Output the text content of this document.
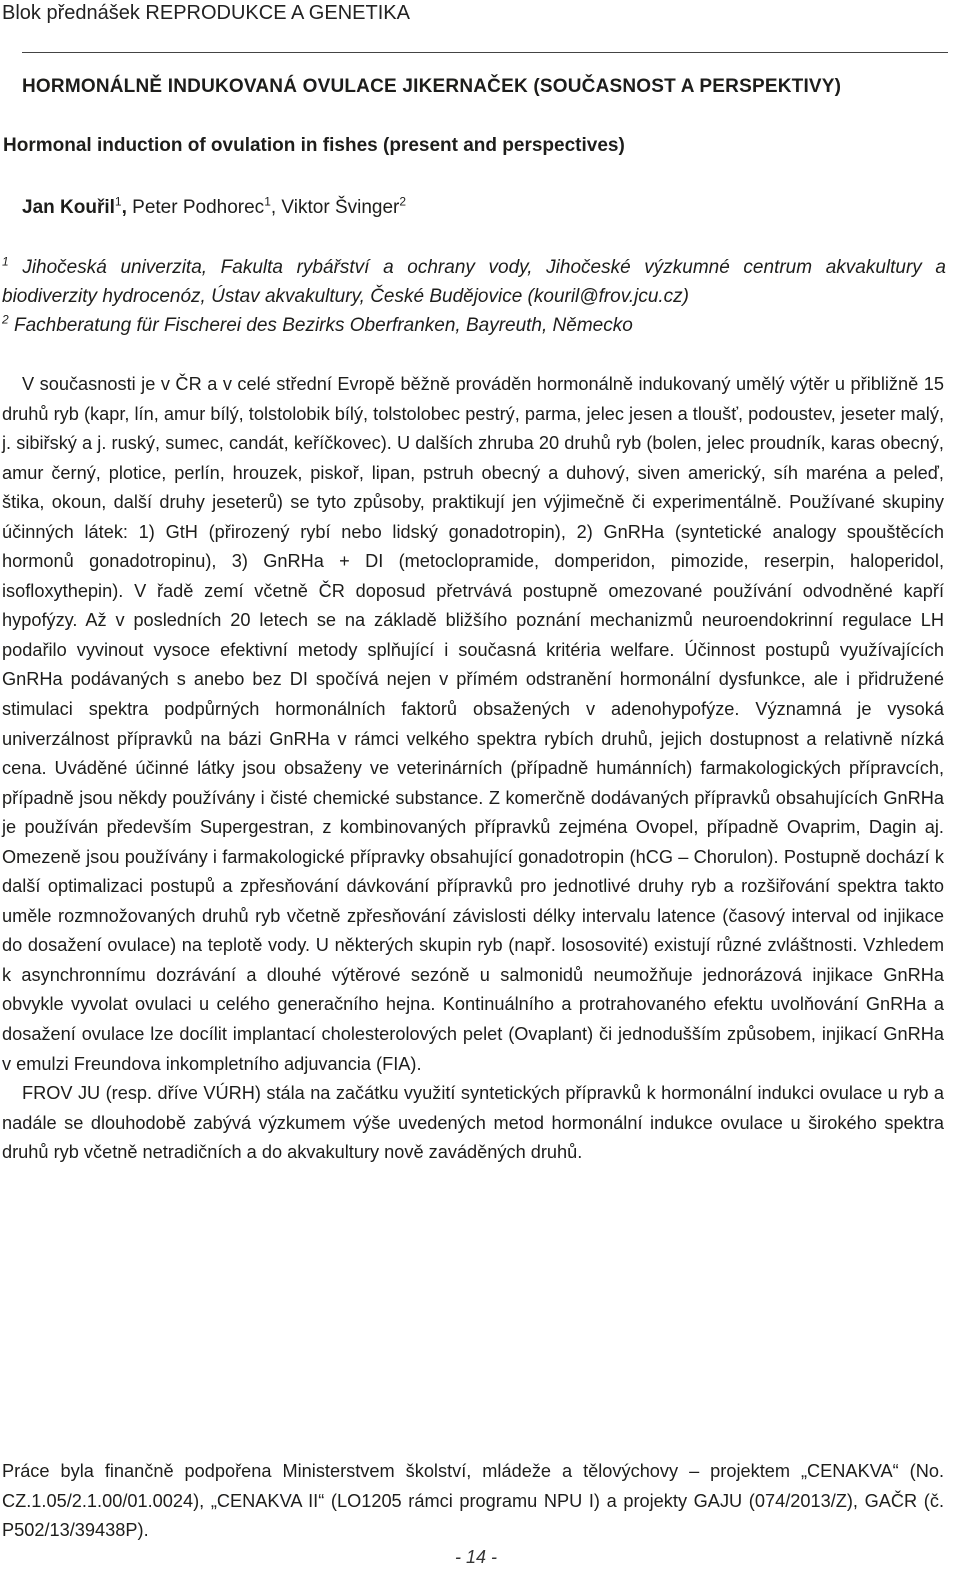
Blok přednášek REPRODUKCE A GENETIKA
HORMONÁLNĚ INDUKOVANÁ OVULACE JIKERNAČEK (SOUČASNOST A PERSPEKTIVY)
Hormonal induction of ovulation in fishes (present and perspectives)
Jan Kouřil$^1$, Peter Podhorec$^1$, Viktor Švinger$^2$
$^1$ Jihočeská univerzita, Fakulta rybářství a ochrany vody, Jihočeské výzkumné centrum akvakultury a biodiverzity hydrocenóz, Ústav akvakultury, České Budějovice (kouril@frov.jcu.cz)
$^2$ Fachberatung für Fischerei des Bezirks Oberfranken, Bayreuth, Německo

V současnosti je v ČR a v celé střední Evropě běžně prováděn hormonálně indukovaný umělý výtěr u přibližně 15 druhů ryb (kapr, lín, amur bílý, tolstolobik bílý, tolstolobec pestrý, parma, jelec jesen a tloušť, podoustev, jeseter malý, j. sibiřský a j. ruský, sumec, candát, keříčkovec). U dalších zhruba 20 druhů ryb (bolen, jelec proudník, karas obecný, amur černý, plotice, perlín, hrouzek, piskoř, lipan, pstruh obecný a duhový, siven americký, síh maréna a peleď, štika, okoun, další druhy jeseterů) se tyto způsoby, praktikují jen výjimečně či experimentálně. Používané skupiny účinných látek: 1) GtH (přirozený rybí nebo lidský gonadotropin), 2) GnRHa (syntetické analogy spouštěcích hormonů gonadotropinu), 3) GnRHa + DI (metoclopramide, domperidon, pimozide, reserpin, haloperidol, isofloxythepin). V řadě zemí včetně ČR doposud přetrvává postupně omezované používání odvodněné kapří hypofýzy. Až v posledních 20 letech se na základě bližšího poznání mechanizmů neuroendokrinní regulace LH podařilo vyvinout vysoce efektivní metody splňující i současná kritéria welfare. Účinnost postupů využívajících GnRHa podávaných s anebo bez DI spočívá nejen v přímém odstranění hormonální dysfunkce, ale i přidružené stimulaci spektra podpůrných hormonálních faktorů obsažených v adenohypofýze. Významná je vysoká univerzálnost přípravků na bázi GnRHa v rámci velkého spektra rybích druhů, jejich dostupnost a relativně nízká cena. Uváděné účinné látky jsou obsaženy ve veterinárních (případně humánních) farmakologických přípravcích, případně jsou někdy používány i čisté chemické substance. Z komerčně dodávaných přípravků obsahujících GnRHa je používán především Supergestran, z kombinovaných přípravků zejména Ovopel, případně Ovaprim, Dagin aj. Omezeně jsou používány i farmakologické přípravky obsahující gonadotropin (hCG – Chorulon). Postupně dochází k další optimalizaci postupů a zpřesňování dávkování přípravků pro jednotlivé druhy ryb a rozšiřování spektra takto uměle rozmnožovaných druhů ryb včetně zpřesňování závislosti délky intervalu latence (časový interval od injikace do dosažení ovulace) na teplotě vody. U některých skupin ryb (např. lososovité) existují různé zvláštnosti. Vzhledem k asynchronnímu dozrávání a dlouhé výtěrové sezóně u salmonidů neumožňuje jednorázová injikace GnRHa obvykle vyvolat ovulaci u celého generačního hejna. Kontinuálního a protrahovaného efektu uvolňování GnRHa a dosažení ovulace lze docílit implantací cholesterolových pelet (Ovaplant) či jednodušším způsobem, injikací GnRHa v emulzi Freundova inkompletního adjuvancia (FIA).

FROV JU (resp. dříve VÚRH) stála na začátku využití syntetických přípravků k hormonální indukci ovulace u ryb a nadále se dlouhodobě zabývá výzkumem výše uvedených metod hormonální indukce ovulace u širokého spektra druhů ryb včetně netradičních a do akvakultury nově zaváděných druhů.

Práce byla finančně podpořena Ministerstvem školství, mládeže a tělovýchovy – projektem „CENAKVA“ (No. CZ.1.05/2.1.00/01.0024), „CENAKVA II“ (LO1205 rámci programu NPU I) a projekty GAJU (074/2013/Z), GAČR (č. P502/13/39438P).
- 14 -
